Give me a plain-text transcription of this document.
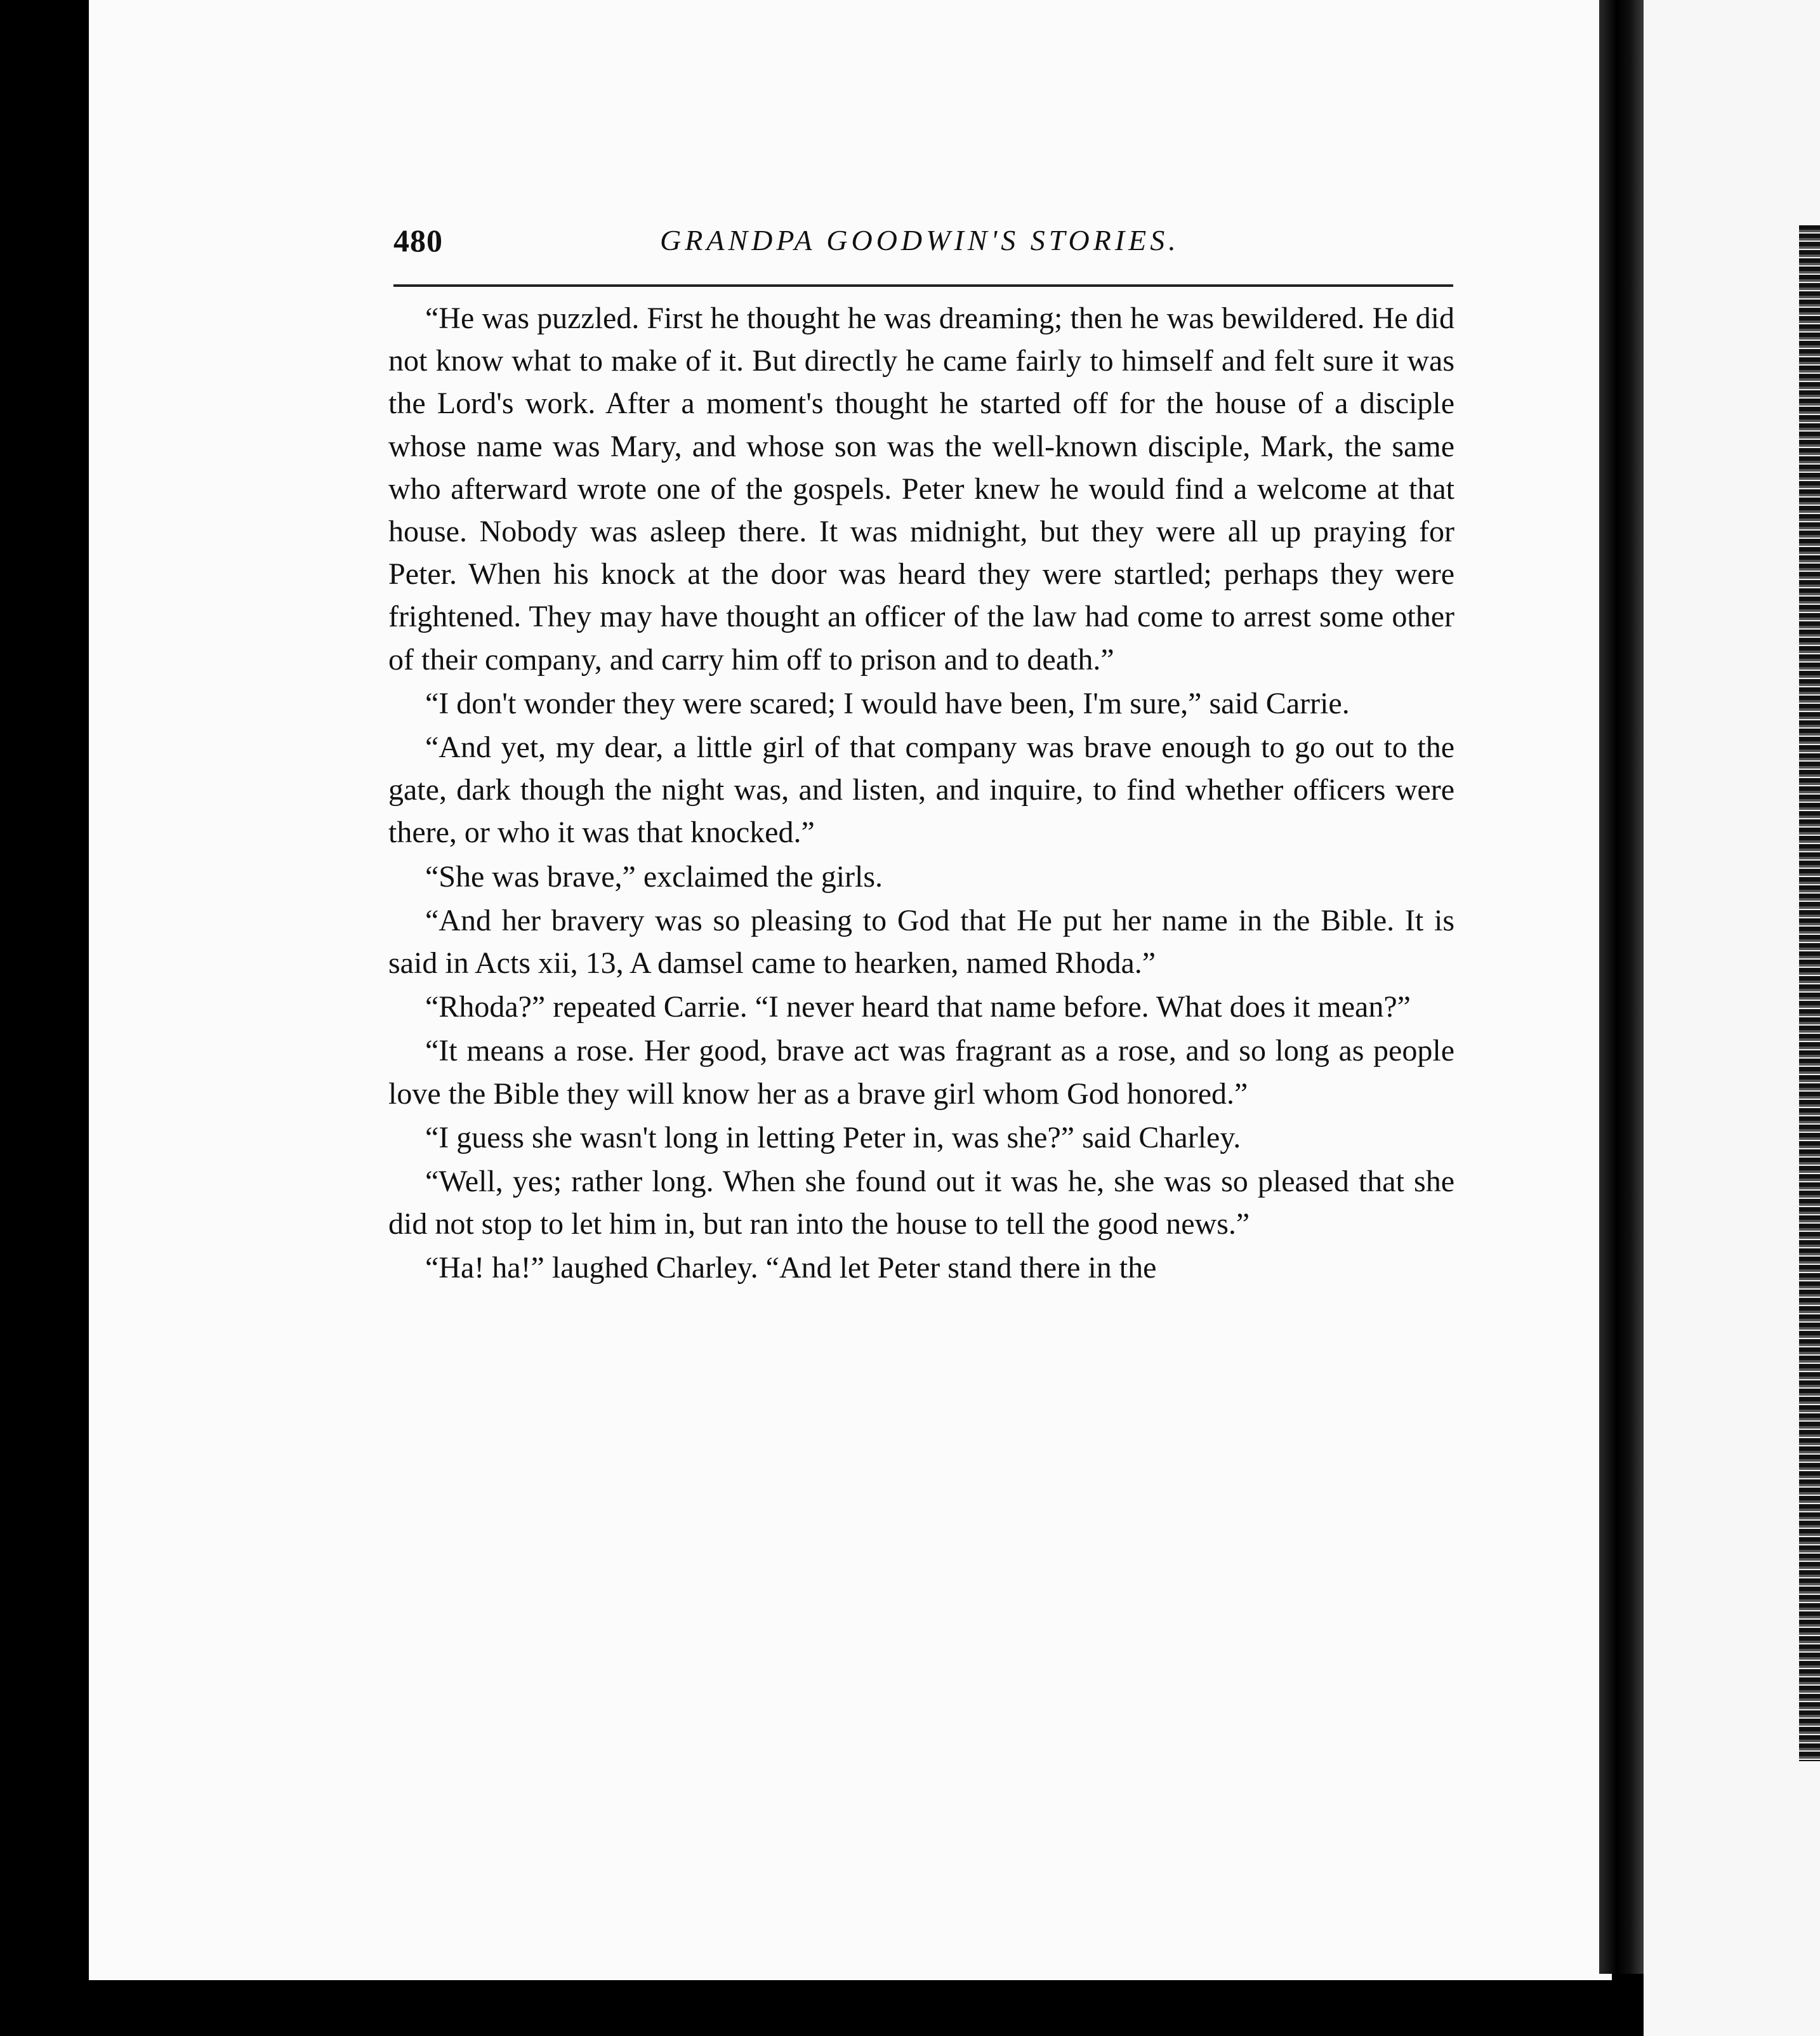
480	GRANDPA GOODWIN'S STORIES.

“He was puzzled. First he thought he was dreaming; then he was bewildered. He did not know what to make of it. But directly he came fairly to himself and felt sure it was the Lord's work. After a moment's thought he started off for the house of a disciple whose name was Mary, and whose son was the well-known disciple, Mark, the same who afterward wrote one of the gospels. Peter knew he would find a welcome at that house. Nobody was asleep there. It was midnight, but they were all up praying for Peter. When his knock at the door was heard they were startled; perhaps they were frightened. They may have thought an officer of the law had come to arrest some other of their company, and carry him off to prison and to death.”

“I don't wonder they were scared; I would have been, I'm sure,” said Carrie.

“And yet, my dear, a little girl of that company was brave enough to go out to the gate, dark though the night was, and listen, and inquire, to find whether officers were there, or who it was that knocked.”

“She was brave,” exclaimed the girls.

“And her bravery was so pleasing to God that He put her name in the Bible. It is said in Acts xii, 13, A damsel came to hearken, named Rhoda.”

“Rhoda?” repeated Carrie. “I never heard that name before. What does it mean?”

“It means a rose. Her good, brave act was fragrant as a rose, and so long as people love the Bible they will know her as a brave girl whom God honored.”

“I guess she wasn't long in letting Peter in, was she?” said Charley.

“Well, yes; rather long. When she found out it was he, she was so pleased that she did not stop to let him in, but ran into the house to tell the good news.”

“Ha! ha!” laughed Charley. “And let Peter stand there in the
